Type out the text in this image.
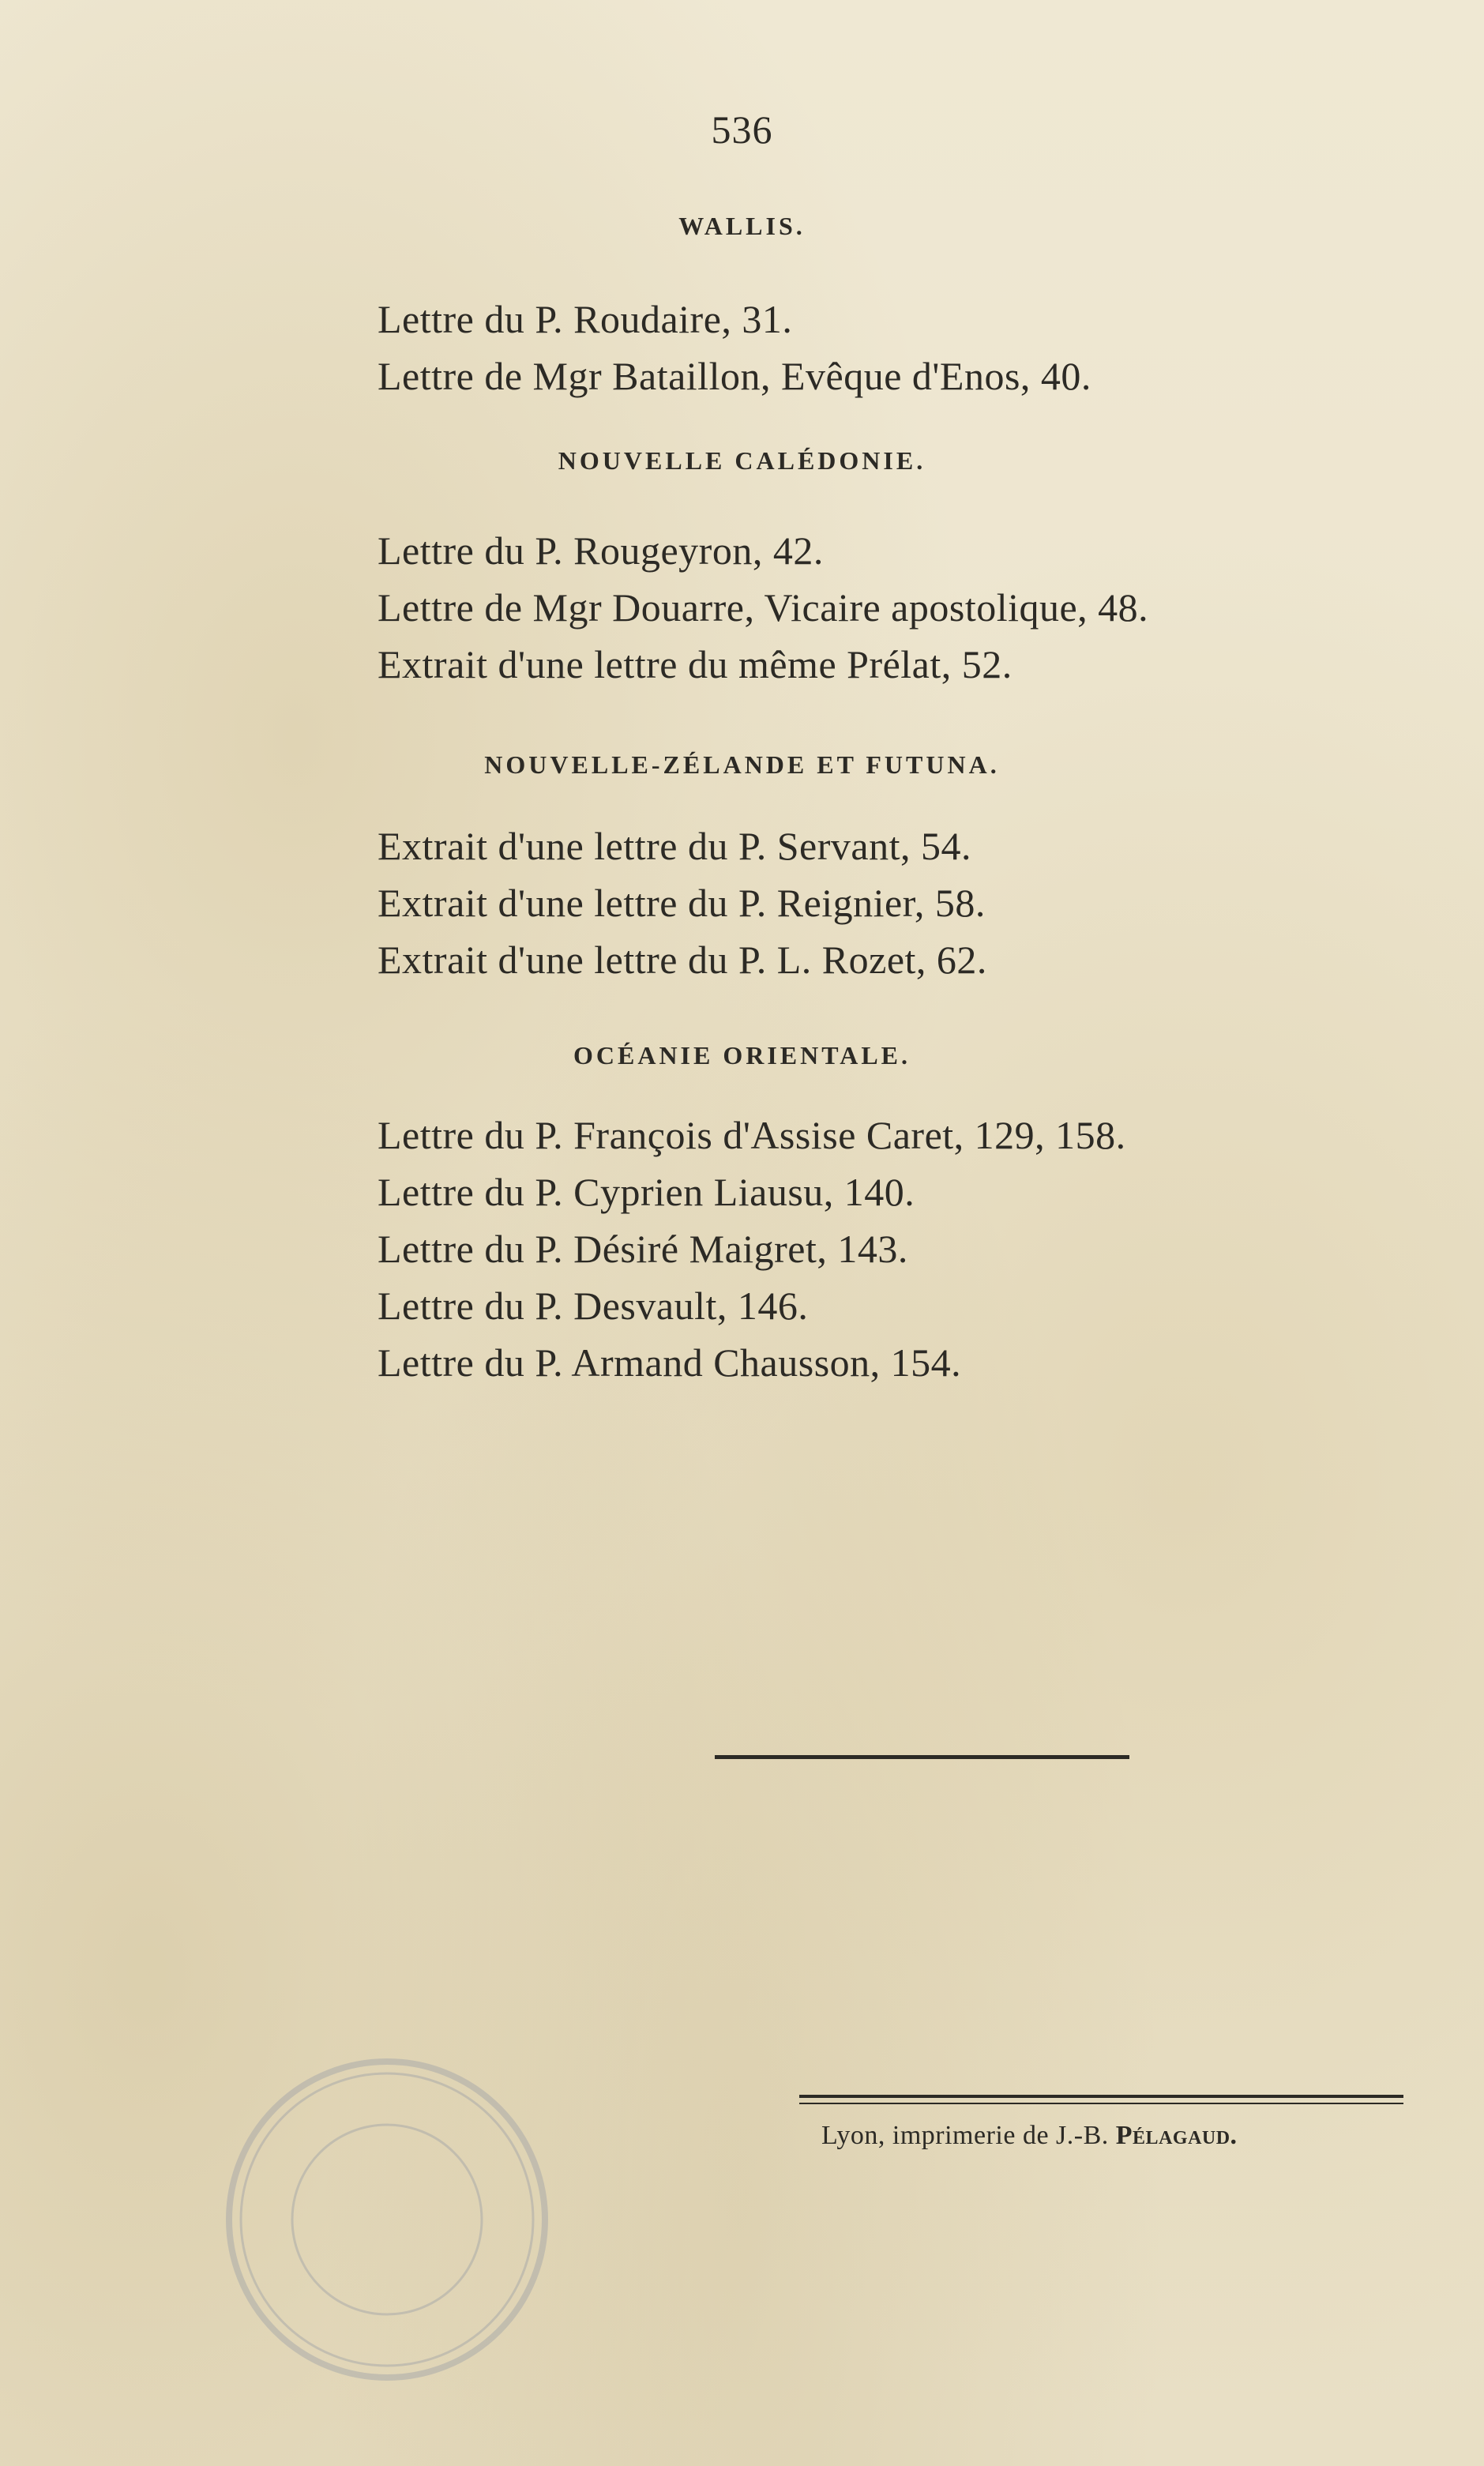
536
WALLIS.
Lettre du P. Roudaire, 31.
Lettre de Mgr Bataillon, Evêque d'Enos, 40.
NOUVELLE CALÉDONIE.
Lettre du P. Rougeyron, 42.
Lettre de Mgr Douarre, Vicaire apostolique, 48.
Extrait d'une lettre du même Prélat, 52.
NOUVELLE-ZÉLANDE ET FUTUNA.
Extrait d'une lettre du P. Servant, 54.
Extrait d'une lettre du P. Reignier, 58.
Extrait d'une lettre du P. L. Rozet, 62.
OCÉANIE ORIENTALE.
Lettre du P. François d'Assise Caret, 129, 158.
Lettre du P. Cyprien Liausu, 140.
Lettre du P. Désiré Maigret, 143.
Lettre du P. Desvault, 146.
Lettre du P. Armand Chausson, 154.
Lyon, imprimerie de J.-B. Pélagaud.
